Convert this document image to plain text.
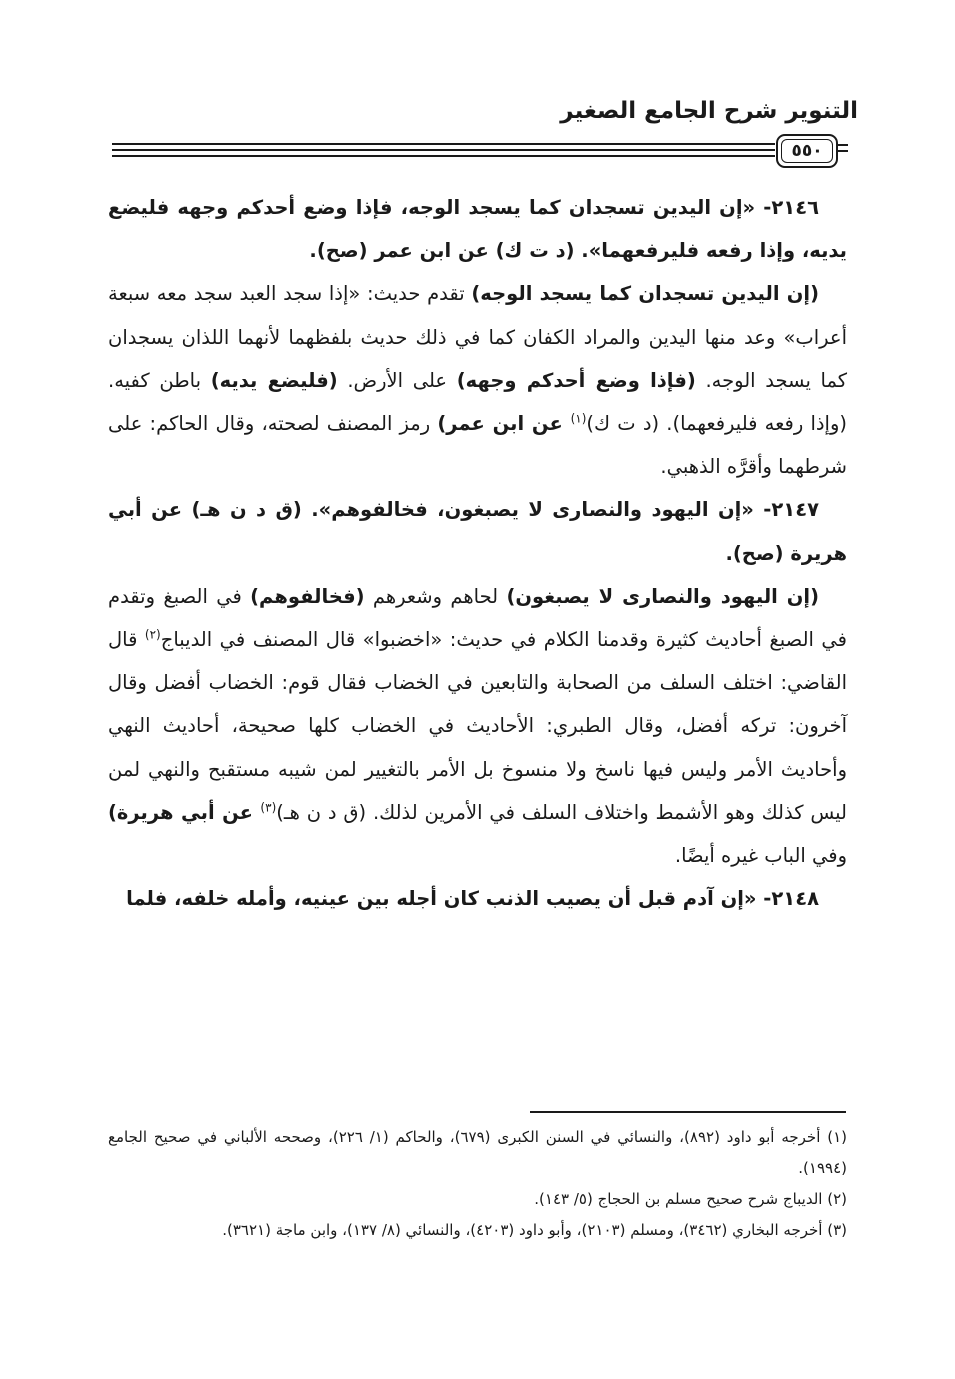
التنوير شرح الجامع الصغير
٥٥٠

٢١٤٦- «إن اليدين تسجدان كما يسجد الوجه، فإذا وضع أحدكم وجهه فليضع يديه، وإذا رفعه فليرفعهما». (د ت ك) عن ابن عمر (صح).

(إن اليدين تسجدان كما يسجد الوجه) تقدم حديث: «إذا سجد العبد سجد معه سبعة أعراب» وعد منها اليدين والمراد الكفان كما في ذلك حديث بلفظهما لأنهما اللذان يسجدان كما يسجد الوجه. (فإذا وضع أحدكم وجهه) على الأرض. (فليضع يديه) باطن كفيه. (وإذا رفعه فليرفعهما). (د ت ك)$^{(١)}$ عن ابن عمر) رمز المصنف لصحته، وقال الحاكم: على شرطهما وأقرَّه الذهبي.

٢١٤٧- «إن اليهود والنصارى لا يصبغون، فخالفوهم». (ق د ن هـ) عن أبي هريرة (صح).

(إن اليهود والنصارى لا يصبغون) لحاهم وشعرهم (فخالفوهم) في الصبغ وتقدم في الصبغ أحاديث كثيرة وقدمنا الكلام في حديث: «اخضبوا» قال المصنف في الديباج$^{(٢)}$ قال القاضي: اختلف السلف من الصحابة والتابعين في الخضاب فقال قوم: الخضاب أفضل وقال آخرون: تركه أفضل، وقال الطبري: الأحاديث في الخضاب كلها صحيحة، أحاديث النهي وأحاديث الأمر وليس فيها ناسخ ولا منسوخ بل الأمر بالتغيير لمن شيبه مستقبح والنهي لمن ليس كذلك وهو الأشمط واختلاف السلف في الأمرين لذلك. (ق د ن هـ)$^{(٣)}$ عن أبي هريرة) وفي الباب غيره أيضًا.

٢١٤٨- «إن آدم قبل أن يصيب الذنب كان أجله بين عينيه، وأمله خلفه، فلما

(١) أخرجه أبو داود (٨٩٢)، والنسائي في السنن الكبرى (٦٧٩)، والحاكم (١/ ٢٢٦)، وصححه الألباني في صحيح الجامع (١٩٩٤).

(٢) الديباج شرح صحيح مسلم بن الحجاج (٥/ ١٤٣).

(٣) أخرجه البخاري (٣٤٦٢)، ومسلم (٢١٠٣)، وأبو داود (٤٢٠٣)، والنسائي (٨/ ١٣٧)، وابن ماجة (٣٦٢١).
